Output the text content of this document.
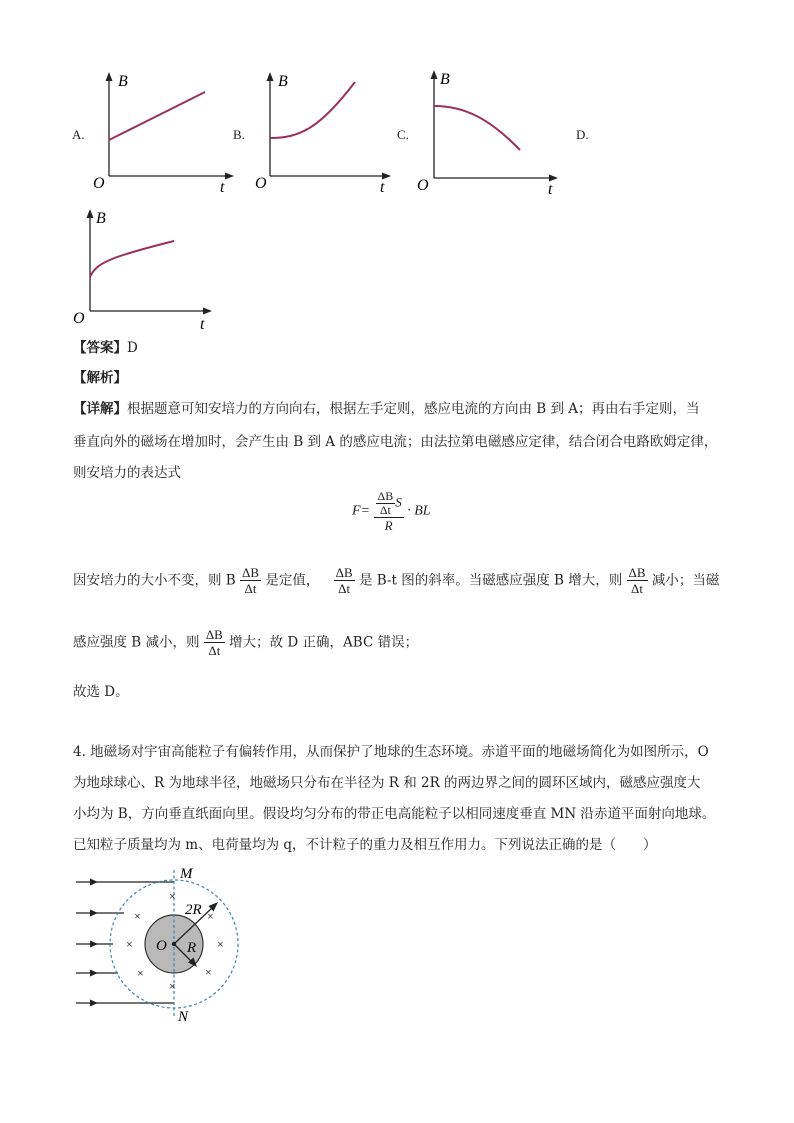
A.	B.	C.	D.
B
O	t
B
O	t
B
O	t
B
O	t
【答案】D
【解析】
【详解】根据题意可知安培力的方向向右，根据左手定则，感应电流的方向由 B 到 A；再由右手定则，当
垂直向外的磁场在增加时，会产生由 B 到 A 的感应电流；由法拉第电磁感应定律，结合闭合电路欧姆定律，
则安培力的表达式
$F= \frac{\frac{\Delta B}{\Delta t} S}{R}$ · BL
因安培力的大小不变，则 B $\frac{\Delta B}{\Delta t}$ 是定值， $\frac{\Delta B}{\Delta t}$ 是 B-t 图的斜率。当磁感应强度 B 增大，则 $\frac{\Delta B}{\Delta t}$ 减小；当磁
感应强度 B 减小，则 $\frac{\Delta B}{\Delta t}$ 增大；故 D 正确，ABC 错误；
故选 D。
4. 地磁场对宇宙高能粒子有偏转作用，从而保护了地球的生态环境。赤道平面的地磁场简化为如图所示，O
为地球球心、R 为地球半径，地磁场只分布在半径为 R 和 2R 的两边界之间的圆环区域内，磁感应强度大
小均为 B，方向垂直纸面向里。假设均匀分布的带正电高能粒子以相同速度垂直 MN 沿赤道平面射向地球。
已知粒子质量均为 m、电荷量均为 q，不计粒子的重力及相互作用力。下列说法正确的是（　　）
×
×	×
×	×
×	×
×
M
N
O
2R
R
